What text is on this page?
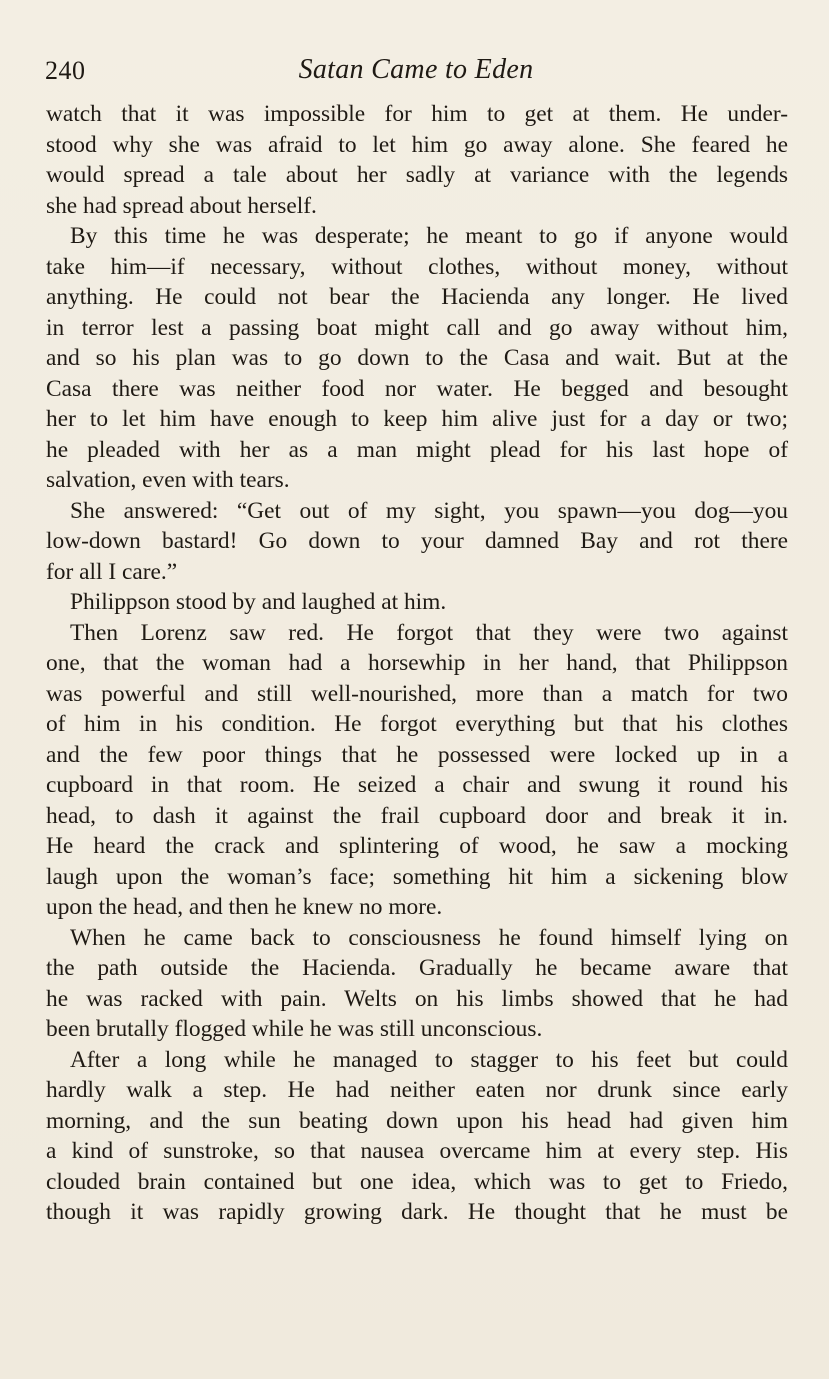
240	Satan Came to Eden
watch that it was impossible for him to get at them. He under-
stood why she was afraid to let him go away alone. She feared he
would spread a tale about her sadly at variance with the legends
she had spread about herself.
By this time he was desperate; he meant to go if anyone would
take him—if necessary, without clothes, without money, without
anything. He could not bear the Hacienda any longer. He lived
in terror lest a passing boat might call and go away without him,
and so his plan was to go down to the Casa and wait. But at the
Casa there was neither food nor water. He begged and besought
her to let him have enough to keep him alive just for a day or two;
he pleaded with her as a man might plead for his last hope of
salvation, even with tears.
She answered: “Get out of my sight, you spawn—you dog—you
low-down bastard! Go down to your damned Bay and rot there
for all I care.”
Philippson stood by and laughed at him.
Then Lorenz saw red. He forgot that they were two against
one, that the woman had a horsewhip in her hand, that Philippson
was powerful and still well-nourished, more than a match for two
of him in his condition. He forgot everything but that his clothes
and the few poor things that he possessed were locked up in a
cupboard in that room. He seized a chair and swung it round his
head, to dash it against the frail cupboard door and break it in.
He heard the crack and splintering of wood, he saw a mocking
laugh upon the woman’s face; something hit him a sickening blow
upon the head, and then he knew no more.
When he came back to consciousness he found himself lying on
the path outside the Hacienda. Gradually he became aware that
he was racked with pain. Welts on his limbs showed that he had
been brutally flogged while he was still unconscious.
After a long while he managed to stagger to his feet but could
hardly walk a step. He had neither eaten nor drunk since early
morning, and the sun beating down upon his head had given him
a kind of sunstroke, so that nausea overcame him at every step. His
clouded brain contained but one idea, which was to get to Friedo,
though it was rapidly growing dark. He thought that he must be
